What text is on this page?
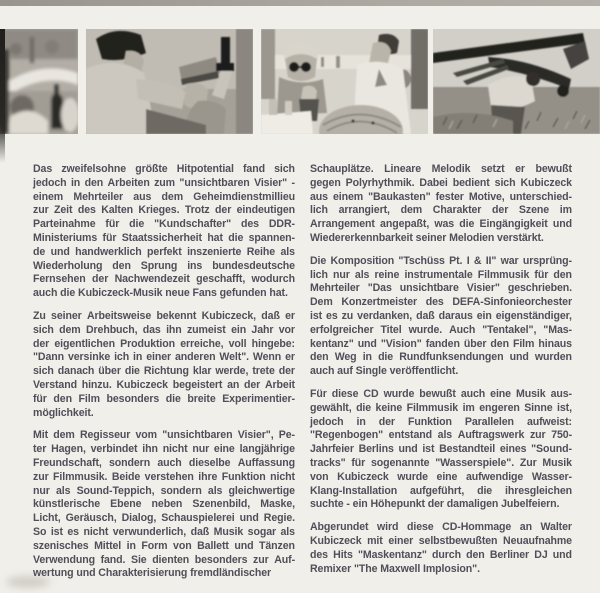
Das zweifelsohne größte Hitpotential fand sich
jedoch in den Arbeiten zum "unsichtbaren Visier" -
einem Mehrteiler aus dem Geheimdienstmillieu
zur Zeit des Kalten Krieges. Trotz der eindeutigen
Parteinahme für die "Kundschafter" des DDR-
Ministeriums für Staatssicherheit hat die spannen-
de und handwerklich perfekt inszenierte Reihe als
Wiederholung den Sprung ins bundesdeutsche
Fernsehen der Nachwendezeit geschafft, wodurch
auch die Kubiczeck-Musik neue Fans gefunden hat.
Zu seiner Arbeitsweise bekennt Kubiczeck, daß er
sich dem Drehbuch, das ihn zumeist ein Jahr vor
der eigentlichen Produktion erreiche, voll hingebe:
"Dann versinke ich in einer anderen Welt". Wenn er
sich danach über die Richtung klar werde, trete der
Verstand hinzu. Kubiczeck begeistert an der Arbeit
für den Film besonders die breite Experimentier-
möglichkeit.
Mit dem Regisseur vom "unsichtbaren Visier", Pe-
ter Hagen, verbindet ihn nicht nur eine langjährige
Freundschaft, sondern auch dieselbe Auffassung
zur Filmmusik. Beide verstehen ihre Funktion nicht
nur als Sound-Teppich, sondern als gleichwertige
künstlerische Ebene neben Szenenbild, Maske,
Licht, Geräusch, Dialog, Schauspielerei und Regie.
So ist es nicht verwunderlich, daß Musik sogar als
szenisches Mittel in Form von Ballett und Tänzen
Verwendung fand. Sie dienten besonders zur Auf-
wertung und Charakterisierung fremdländischer
Schauplätze. Lineare Melodik setzt er bewußt
gegen Polyrhythmik. Dabei bedient sich Kubiczeck
aus einem "Baukasten" fester Motive, unterschied-
lich arrangiert, dem Charakter der Szene im
Arrangement angepaßt, was die Eingängigkeit und
Wiedererkennbarkeit seiner Melodien verstärkt.
Die Komposition "Tschüss Pt. I & II" war ursprüng-
lich nur als reine instrumentale Filmmusik für den
Mehrteiler "Das unsichtbare Visier" geschrieben.
Dem Konzertmeister des DEFA-Sinfonieorchester
ist es zu verdanken, daß daraus ein eigenständiger,
erfolgreicher Titel wurde. Auch "Tentakel", "Mas-
kentanz" und "Vision" fanden über den Film hinaus
den Weg in die Rundfunksendungen und wurden
auch auf Single veröffentlicht.
Für diese CD wurde bewußt auch eine Musik aus-
gewählt, die keine Filmmusik im engeren Sinne ist,
jedoch in der Funktion Parallelen aufweist:
"Regenbogen" entstand als Auftragswerk zur 750-
Jahrfeier Berlins und ist Bestandteil eines "Sound-
tracks" für sogenannte "Wasserspiele". Zur Musik
von Kubiczeck wurde eine aufwendige Wasser-
Klang-Installation aufgeführt, die ihresgleichen
suchte - ein Höhepunkt der damaligen Jubelfeiern.
Abgerundet wird diese CD-Hommage an Walter
Kubiczeck mit einer selbstbewußten Neuaufnahme
des Hits "Maskentanz" durch den Berliner DJ und
Remixer "The Maxwell Implosion".
